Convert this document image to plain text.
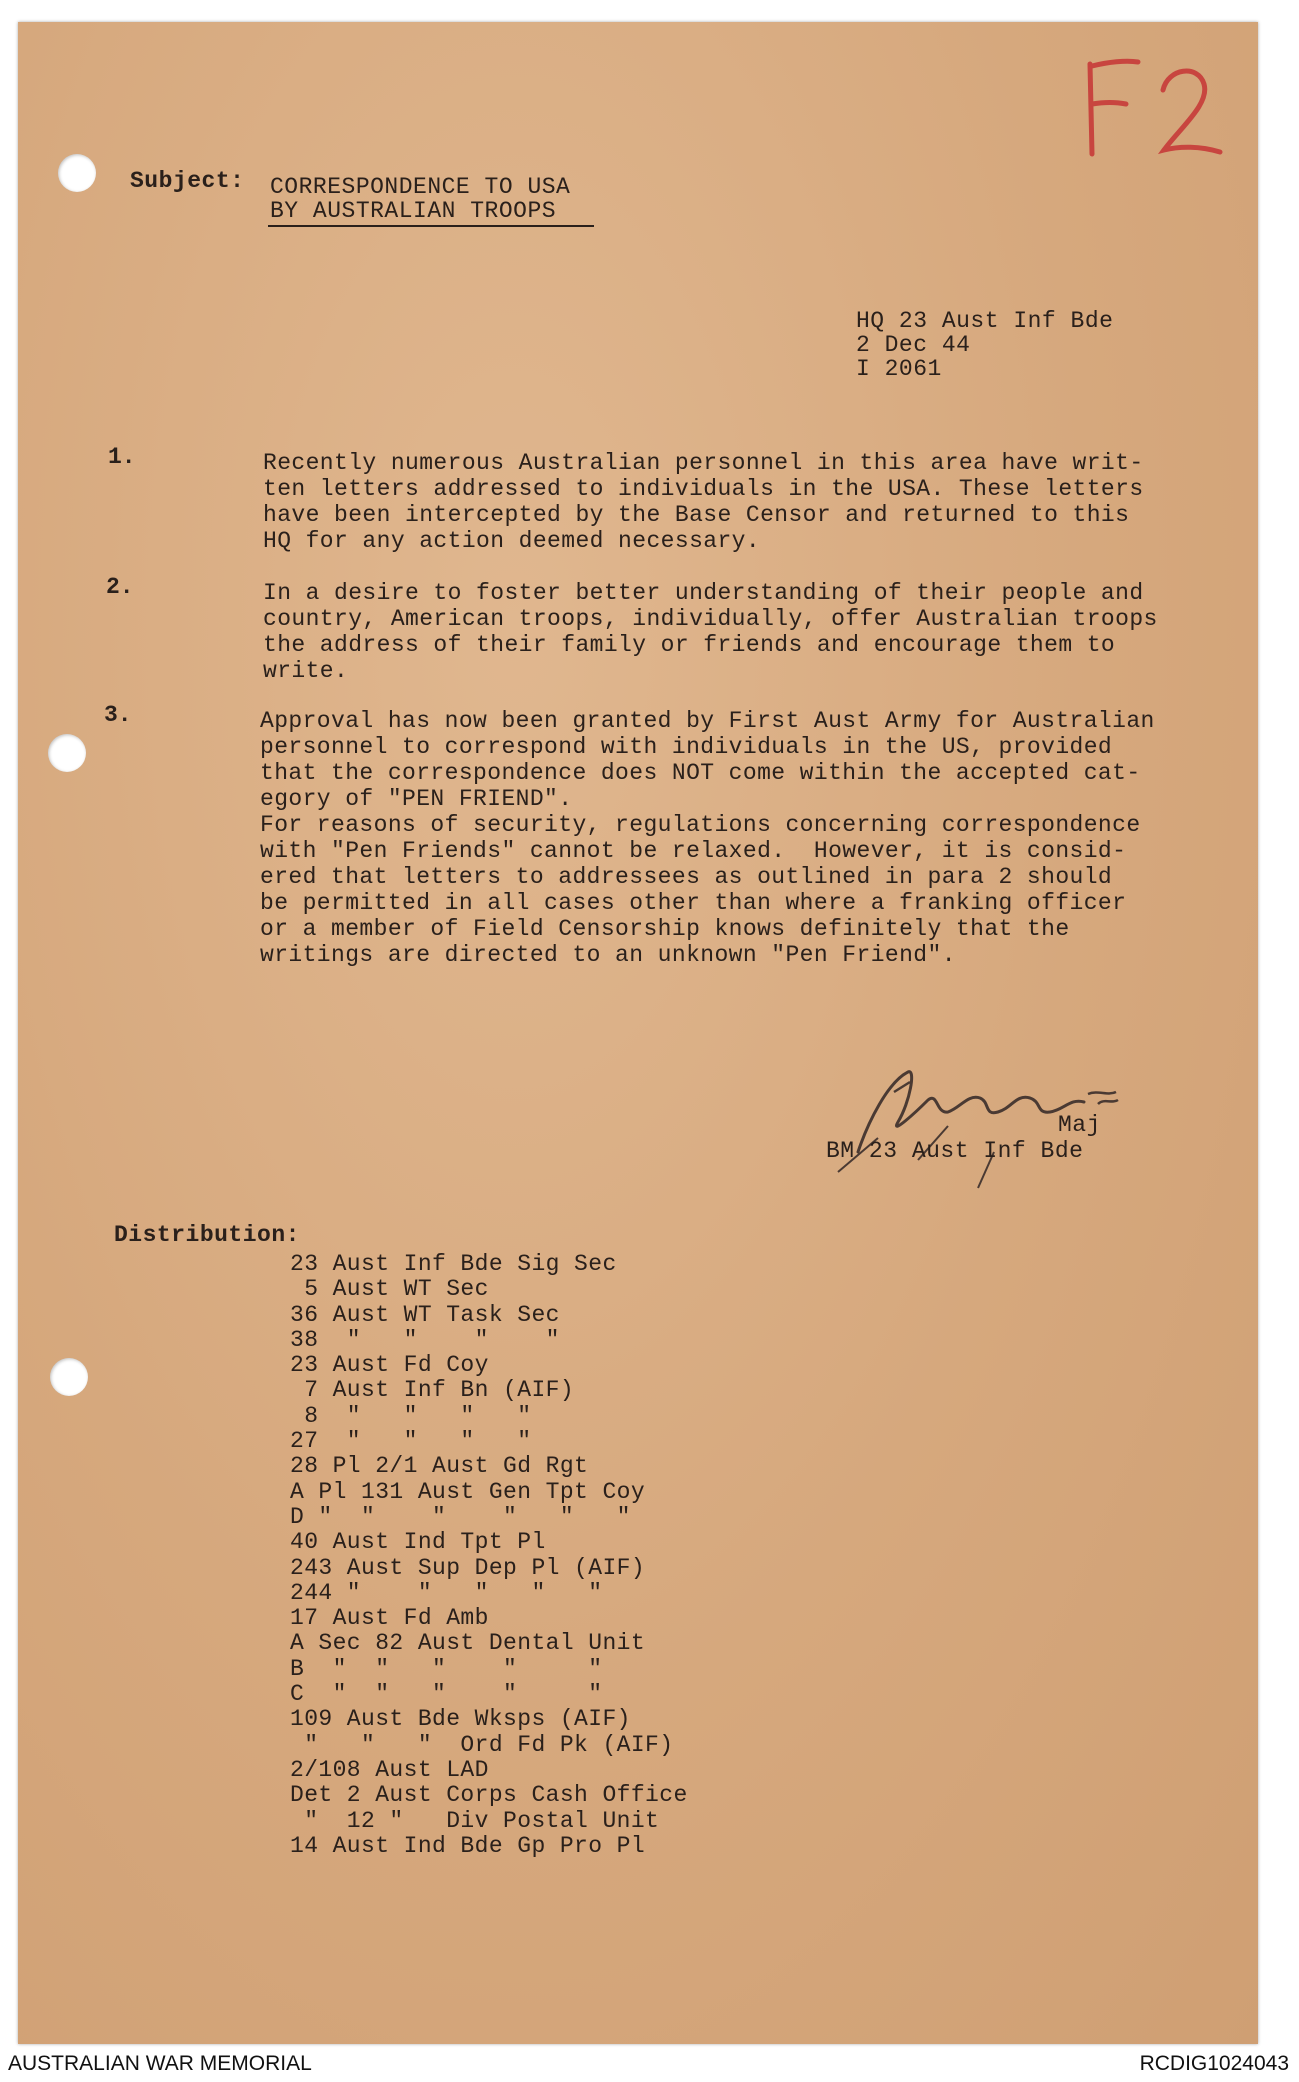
Subject: CORRESPONDENCE TO USA
BY AUSTRALIAN TROOPS
HQ 23 Aust Inf Bde
2 Dec 44
I 2061
1.	Recently numerous Australian personnel in this area have writ-
ten letters addressed to individuals in the USA. These letters
have been intercepted by the Base Censor and returned to this
HQ for any action deemed necessary.
2.	In a desire to foster better understanding of their people and
country, American troops, individually, offer Australian troops
the address of their family or friends and encourage them to
write.
3.	Approval has now been granted by First Aust Army for Australian
personnel to correspond with individuals in the US, provided
that the correspondence does NOT come within the accepted cat-
egory of "PEN FRIEND".
For reasons of security, regulations concerning correspondence
with "Pen Friends" cannot be relaxed.  However, it is consid-
ered that letters to addressees as outlined in para 2 should
be permitted in all cases other than where a franking officer
or a member of Field Censorship knows definitely that the
writings are directed to an unknown "Pen Friend".
Maj
BM 23 Aust Inf Bde
Distribution:
23 Aust Inf Bde Sig Sec
5 Aust WT Sec
36 Aust WT Task Sec
38  "   "    "    "
23 Aust Fd Coy
7 Aust Inf Bn (AIF)
8  "   "   "   "
27  "   "   "   "
28 Pl 2/1 Aust Gd Rgt
A Pl 131 Aust Gen Tpt Coy
D "  "    "    "   "   "
40 Aust Ind Tpt Pl
243 Aust Sup Dep Pl (AIF)
244 "    "   "   "   "
17 Aust Fd Amb
A Sec 82 Aust Dental Unit
B  "  "   "    "     "
C  "  "   "    "     "
109 Aust Bde Wksps (AIF)
"   "   "  Ord Fd Pk (AIF)
2/108 Aust LAD
Det 2 Aust Corps Cash Office
"  12 "   Div Postal Unit
14 Aust Ind Bde Gp Pro Pl
AUSTRALIAN WAR MEMORIAL	RCDIG1024043
